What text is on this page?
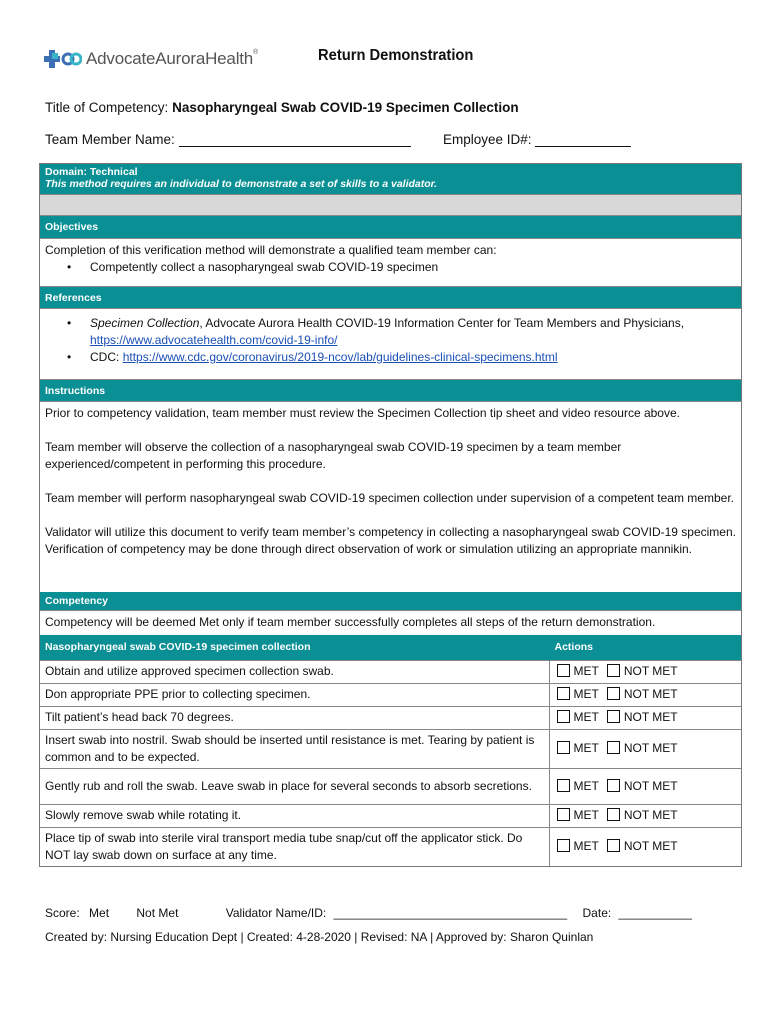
AdvocateAuroraHealth®	Return Demonstration
Title of Competency: Nasopharyngeal Swab COVID-19 Specimen Collection
Team Member Name:	Employee ID#:
Domain: Technical
This method requires an individual to demonstrate a set of skills to a validator.
Objectives
Completion of this verification method will demonstrate a qualified team member can:
• Competently collect a nasopharyngeal swab COVID-19 specimen
References
• Specimen Collection, Advocate Aurora Health COVID-19 Information Center for Team Members and Physicians,
https://www.advocatehealth.com/covid-19-info/
• CDC: https://www.cdc.gov/coronavirus/2019-ncov/lab/guidelines-clinical-specimens.html
Instructions

Prior to competency validation, team member must review the Specimen Collection tip sheet and video resource above.

Team member will observe the collection of a nasopharyngeal swab COVID-19 specimen by a team member experienced/competent in performing this procedure.

Team member will perform nasopharyngeal swab COVID-19 specimen collection under supervision of a competent team member.

Validator will utilize this document to verify team member’s competency in collecting a nasopharyngeal swab COVID-19 specimen. Verification of competency may be done through direct observation of work or simulation utilizing an appropriate mannikin.

Competency
Competency will be deemed Met only if team member successfully completes all steps of the return demonstration.
Nasopharyngeal swab COVID-19 specimen collection	Actions
Obtain and utilize approved specimen collection swab.	MET NOT MET
Don appropriate PPE prior to collecting specimen.	MET NOT MET
Tilt patient’s head back 70 degrees.	MET NOT MET
Insert swab into nostril. Swab should be inserted until resistance is met. Tearing by patient is common and to be expected.	MET NOT MET
Gently rub and roll the swab. Leave swab in place for several seconds to absorb secretions.	MET NOT MET
Slowly remove swab while rotating it.	MET NOT MET
Place tip of swab into sterile viral transport media tube snap/cut off the applicator stick. Do NOT lay swab down on surface at any time.	MET NOT MET
Score: Met Not Met	Validator Name/ID: ___________________________________ Date: ___________
Created by: Nursing Education Dept | Created: 4-28-2020 | Revised: NA | Approved by: Sharon Quinlan
